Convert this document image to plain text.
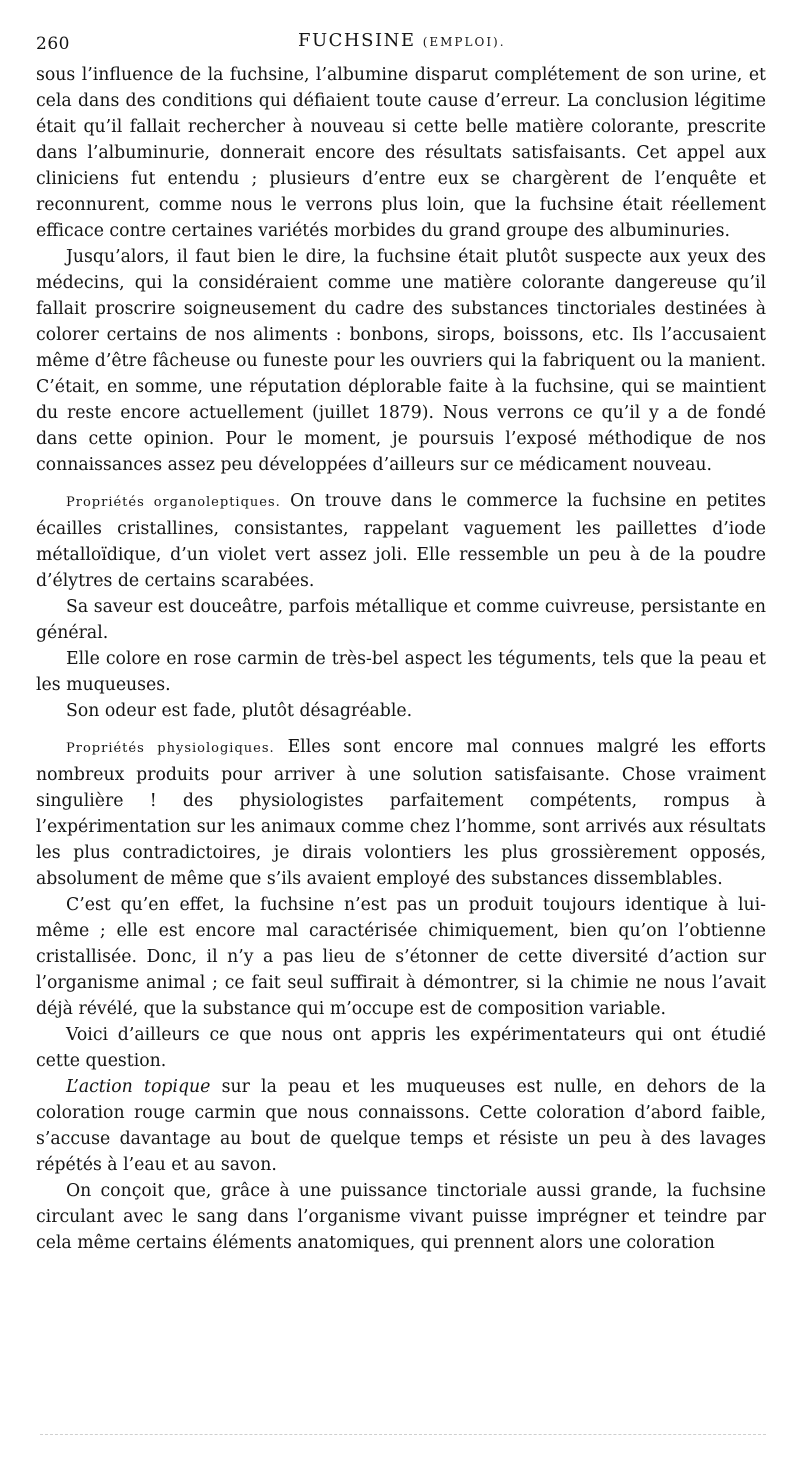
260	FUCHSINE (EMPLOI).

sous l’influence de la fuchsine, l’albumine disparut complétement de son urine, et cela dans des conditions qui défiaient toute cause d’erreur. La conclusion légitime était qu’il fallait rechercher à nouveau si cette belle matière colorante, prescrite dans l’albuminurie, donnerait encore des résultats satisfaisants. Cet appel aux cliniciens fut entendu ; plusieurs d’entre eux se chargèrent de l’enquête et reconnurent, comme nous le verrons plus loin, que la fuchsine était réellement efficace contre certaines variétés morbides du grand groupe des albuminuries.

Jusqu’alors, il faut bien le dire, la fuchsine était plutôt suspecte aux yeux des médecins, qui la considéraient comme une matière colorante dangereuse qu’il fallait proscrire soigneusement du cadre des substances tinctoriales destinées à colorer certains de nos aliments : bonbons, sirops, boissons, etc. Ils l’accusaient même d’être fâcheuse ou funeste pour les ouvriers qui la fabriquent ou la manient. C’était, en somme, une réputation déplorable faite à la fuchsine, qui se maintient du reste encore actuellement (juillet 1879). Nous verrons ce qu’il y a de fondé dans cette opinion. Pour le moment, je poursuis l’exposé méthodique de nos connaissances assez peu développées d’ailleurs sur ce médicament nouveau.

Propriétés organoleptiques. On trouve dans le commerce la fuchsine en petites écailles cristallines, consistantes, rappelant vaguement les paillettes d’iode métalloïdique, d’un violet vert assez joli. Elle ressemble un peu à de la poudre d’élytres de certains scarabées.

Sa saveur est douceâtre, parfois métallique et comme cuivreuse, persistante en général.

Elle colore en rose carmin de très-bel aspect les téguments, tels que la peau et les muqueuses.

Son odeur est fade, plutôt désagréable.

Propriétés physiologiques. Elles sont encore mal connues malgré les efforts nombreux produits pour arriver à une solution satisfaisante. Chose vraiment singulière ! des physiologistes parfaitement compétents, rompus à l’expérimentation sur les animaux comme chez l’homme, sont arrivés aux résultats les plus contradictoires, je dirais volontiers les plus grossièrement opposés, absolument de même que s’ils avaient employé des substances dissemblables.

C’est qu’en effet, la fuchsine n’est pas un produit toujours identique à lui-même ; elle est encore mal caractérisée chimiquement, bien qu’on l’obtienne cristallisée. Donc, il n’y a pas lieu de s’étonner de cette diversité d’action sur l’organisme animal ; ce fait seul suffirait à démontrer, si la chimie ne nous l’avait déjà révélé, que la substance qui m’occupe est de composition variable.

Voici d’ailleurs ce que nous ont appris les expérimentateurs qui ont étudié cette question.

L’action topique sur la peau et les muqueuses est nulle, en dehors de la coloration rouge carmin que nous connaissons. Cette coloration d’abord faible, s’accuse davantage au bout de quelque temps et résiste un peu à des lavages répétés à l’eau et au savon.

On conçoit que, grâce à une puissance tinctoriale aussi grande, la fuchsine circulant avec le sang dans l’organisme vivant puisse imprégner et teindre par cela même certains éléments anatomiques, qui prennent alors une coloration
